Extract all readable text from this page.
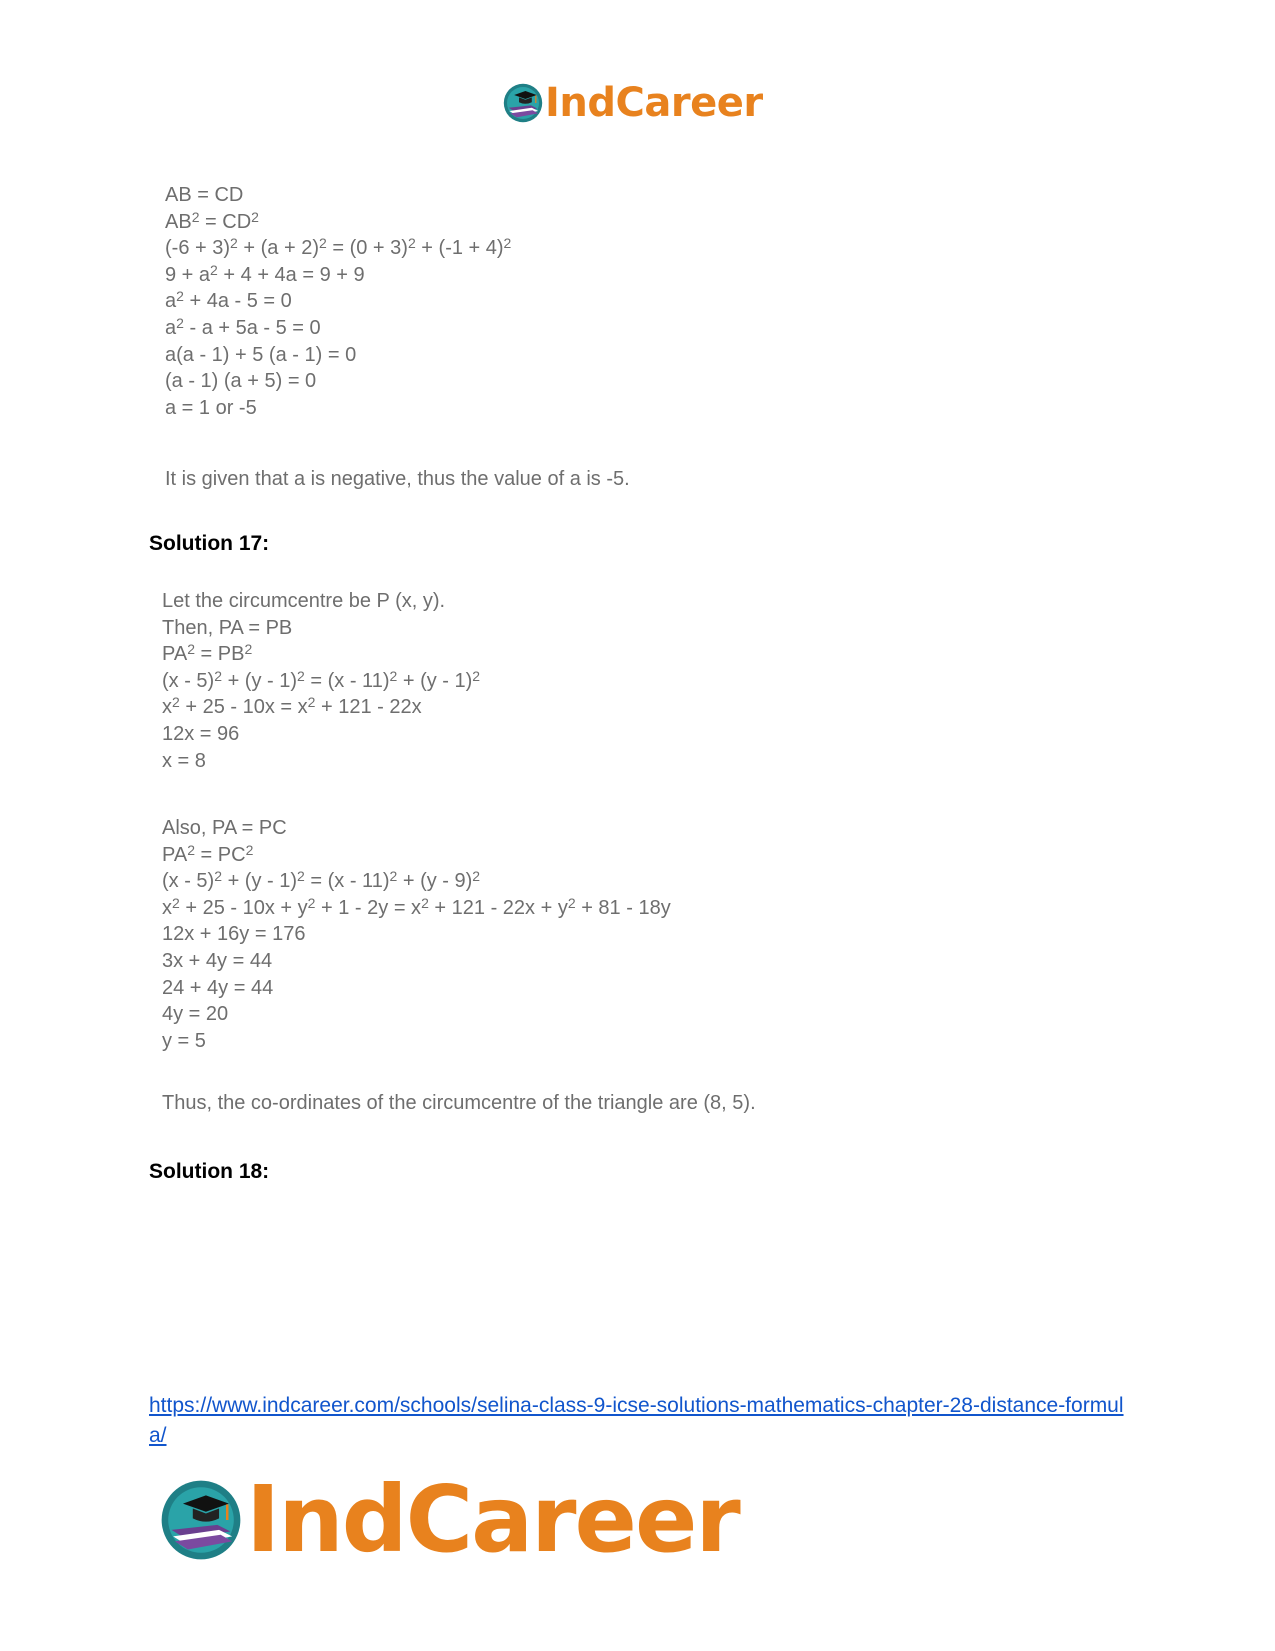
IndCareer
AB = CD
$AB^2 = CD^2$
$(-6 + 3)^2 + (a + 2)^2 = (0 + 3)^2 + (-1 + 4)^2$
$9 + a^2 + 4 + 4a = 9 + 9$
$a^2 + 4a - 5 = 0$
$a^2 - a + 5a - 5 = 0$
a(a - 1) + 5 (a - 1) = 0
(a - 1) (a + 5) = 0
a = 1 or -5
It is given that a is negative, thus the value of a is -5.
Solution 17:
Let the circumcentre be P (x, y).
Then, PA = PB
$PA^2 = PB^2$
(x - 5)$^2$ + (y - 1)$^2$ = (x - 11)$^2$ + (y - 1)$^2$
$x^2 + 25 - 10x = x^2 + 121 - 22x$
12x = 96
x = 8
Also, PA = PC
$PA^2 = PC^2$
(x - 5)$^2$ + (y - 1)$^2$ = (x - 11)$^2$ + (y - 9)$^2$
$x^2 + 25 - 10x + y^2 + 1 - 2y = x^2 + 121 - 22x + y^2 + 81 - 18y$
12x + 16y = 176
3x + 4y = 44
24 + 4y = 44
4y = 20
y = 5
Thus, the co-ordinates of the circumcentre of the triangle are (8, 5).
Solution 18:
https://www.indcareer.com/schools/selina-class-9-icse-solutions-mathematics-chapter-28-distance-formula/
IndCareer
